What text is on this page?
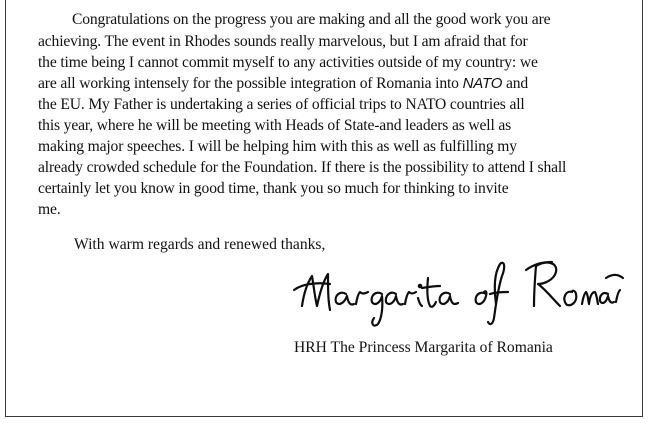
Congratulations on the progress you are making and all the good work you are
achieving. The event in Rhodes sounds really marvelous, but I am afraid that for
the time being I cannot commit myself to any activities outside of my country: we
are all working intensely for the possible integration of Romania into NATO and
the EU. My Father is undertaking a series of official trips to NATO countries all
this year, where he will be meeting with Heads of State-and leaders as well as
making major speeches. I will be helping him with this as well as fulfilling my
already crowded schedule for the Foundation. If there is the possibility to attend I shall
certainly let you know in good time, thank you so much for thinking to invite
me.
With warm regards and renewed thanks,
HRH The Princess Margarita of Romania
